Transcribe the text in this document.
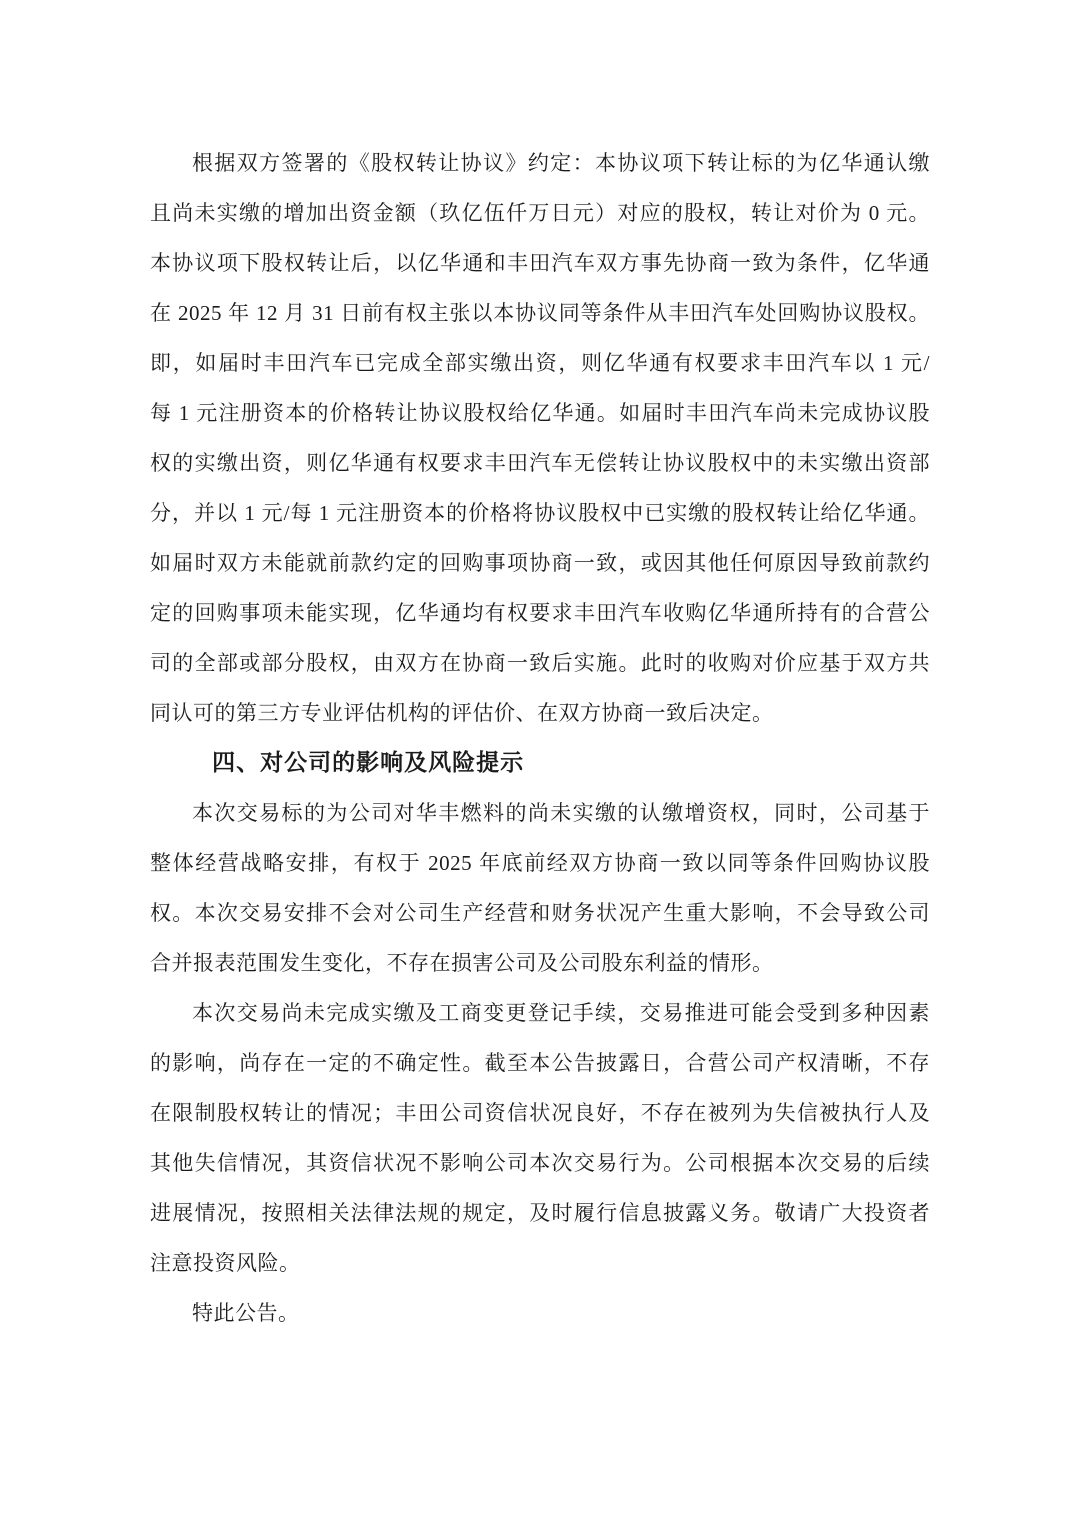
根据双方签署的《股权转让协议》约定：本协议项下转让标的为亿华通认缴
且尚未实缴的增加出资金额（玖亿伍仟万日元）对应的股权，转让对价为 0 元。
本协议项下股权转让后，以亿华通和丰田汽车双方事先协商一致为条件，亿华通
在 2025 年 12 月 31 日前有权主张以本协议同等条件从丰田汽车处回购协议股权。
即，如届时丰田汽车已完成全部实缴出资，则亿华通有权要求丰田汽车以 1 元/
每 1 元注册资本的价格转让协议股权给亿华通。如届时丰田汽车尚未完成协议股
权的实缴出资，则亿华通有权要求丰田汽车无偿转让协议股权中的未实缴出资部
分，并以 1 元/每 1 元注册资本的价格将协议股权中已实缴的股权转让给亿华通。
如届时双方未能就前款约定的回购事项协商一致，或因其他任何原因导致前款约
定的回购事项未能实现，亿华通均有权要求丰田汽车收购亿华通所持有的合营公
司的全部或部分股权，由双方在协商一致后实施。此时的收购对价应基于双方共
同认可的第三方专业评估机构的评估价、在双方协商一致后决定。
四、对公司的影响及风险提示
本次交易标的为公司对华丰燃料的尚未实缴的认缴增资权，同时，公司基于
整体经营战略安排，有权于 2025 年底前经双方协商一致以同等条件回购协议股
权。本次交易安排不会对公司生产经营和财务状况产生重大影响，不会导致公司
合并报表范围发生变化，不存在损害公司及公司股东利益的情形。
本次交易尚未完成实缴及工商变更登记手续，交易推进可能会受到多种因素
的影响，尚存在一定的不确定性。截至本公告披露日，合营公司产权清晰，不存
在限制股权转让的情况；丰田公司资信状况良好，不存在被列为失信被执行人及
其他失信情况，其资信状况不影响公司本次交易行为。公司根据本次交易的后续
进展情况，按照相关法律法规的规定，及时履行信息披露义务。敬请广大投资者
注意投资风险。
特此公告。
